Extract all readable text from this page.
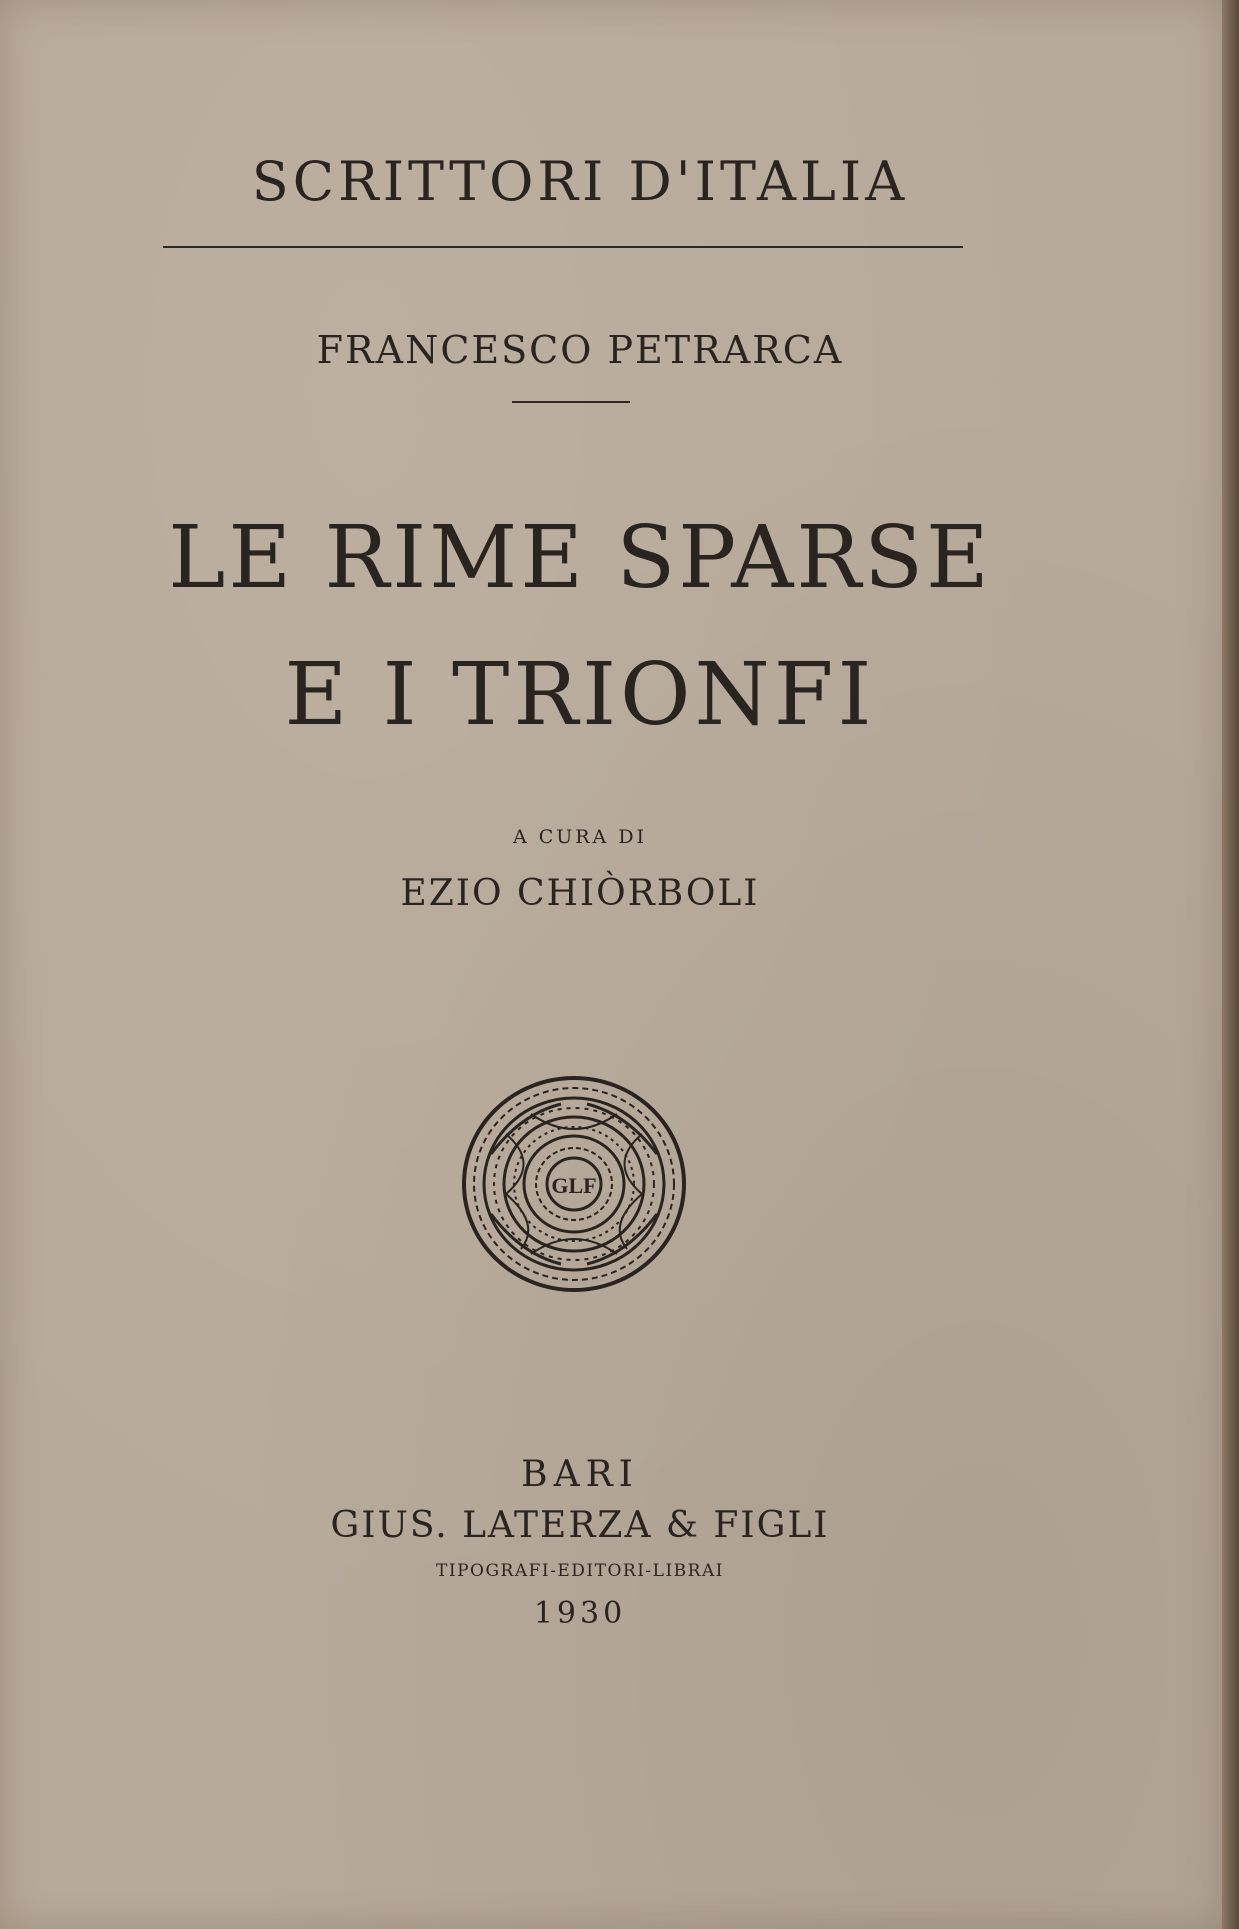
SCRITTORI D'ITALIA
FRANCESCO PETRARCA
LE RIME SPARSE
E I TRIONFI
A CURA DI
EZIO CHIÒRBOLI
GLF
BARI
GIUS. LATERZA & FIGLI
TIPOGRAFI-EDITORI-LIBRAI
1930
